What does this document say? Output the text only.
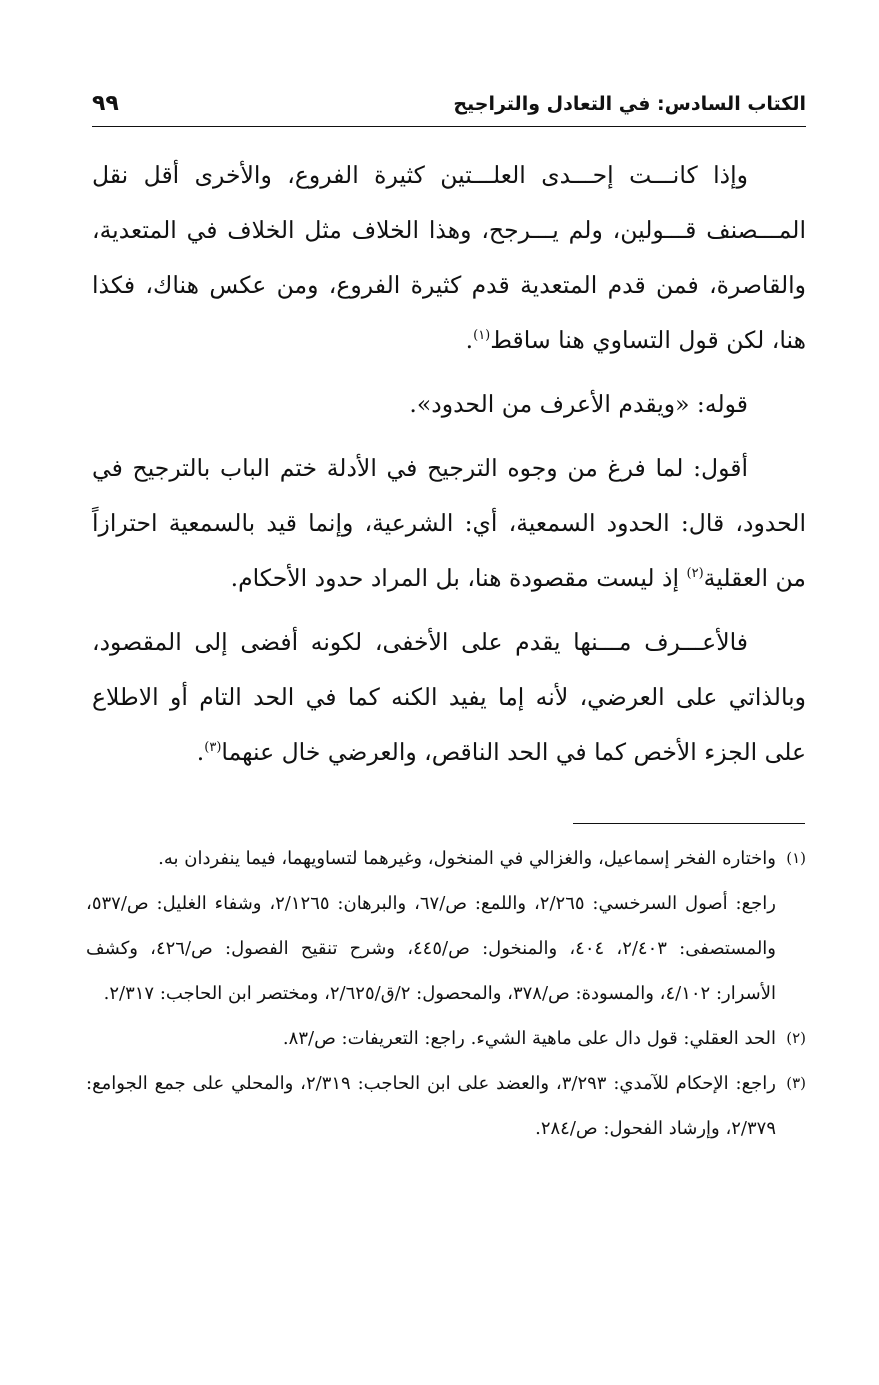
الكتاب السادس: في التعادل والتراجيح
٩٩

وإذا كانـــت إحـــدى العلـــتين كثيرة الفروع، والأخرى أقل نقل المـــصنف قـــولين، ولم يـــرجح، وهذا الخلاف مثل الخلاف في المتعدية، والقاصرة، فمن قدم المتعدية قدم كثيرة الفروع، ومن عكس هناك، فكذا هنا، لكن قول التساوي هنا ساقط$^{(١)}$.

قوله: «ويقدم الأعرف من الحدود».

أقول: لما فرغ من وجوه الترجيح في الأدلة ختم الباب بالترجيح في الحدود، قال: الحدود السمعية، أي: الشرعية، وإنما قيد بالسمعية احترازاً من العقلية$^{(٢)}$ إذ ليست مقصودة هنا، بل المراد حدود الأحكام.

فالأعـــرف مـــنها يقدم على الأخفى، لكونه أفضى إلى المقصود، وبالذاتي على العرضي، لأنه إما يفيد الكنه كما في الحد التام أو الاطلاع على الجزء الأخص كما في الحد الناقص، والعرضي خال عنهما$^{(٣)}$.

(١)
واختاره الفخر إسماعيل، والغزالي في المنخول، وغيرهما لتساويهما، فيما ينفردان به.

راجع: أصول السرخسي: ٢/٢٦٥، واللمع: ص/٦٧، والبرهان: ٢/١٢٦٥، وشفاء الغليل: ص/٥٣٧، والمستصفى: ٢/٤٠٣، ٤٠٤، والمنخول: ص/٤٤٥، وشرح تنقيح الفصول: ص/٤٢٦، وكشف الأسرار: ٤/١٠٢، والمسودة: ص/٣٧٨، والمحصول: ٢/ق/٢/٦٢٥، ومختصر ابن الحاجب: ٢/٣١٧.

(٢)
الحد العقلي: قول دال على ماهية الشيء. راجع: التعريفات: ص/٨٣.

(٣)
راجع: الإحكام للآمدي: ٣/٢٩٣، والعضد على ابن الحاجب: ٢/٣١٩، والمحلي على جمع الجوامع: ٢/٣٧٩، وإرشاد الفحول: ص/٢٨٤.
